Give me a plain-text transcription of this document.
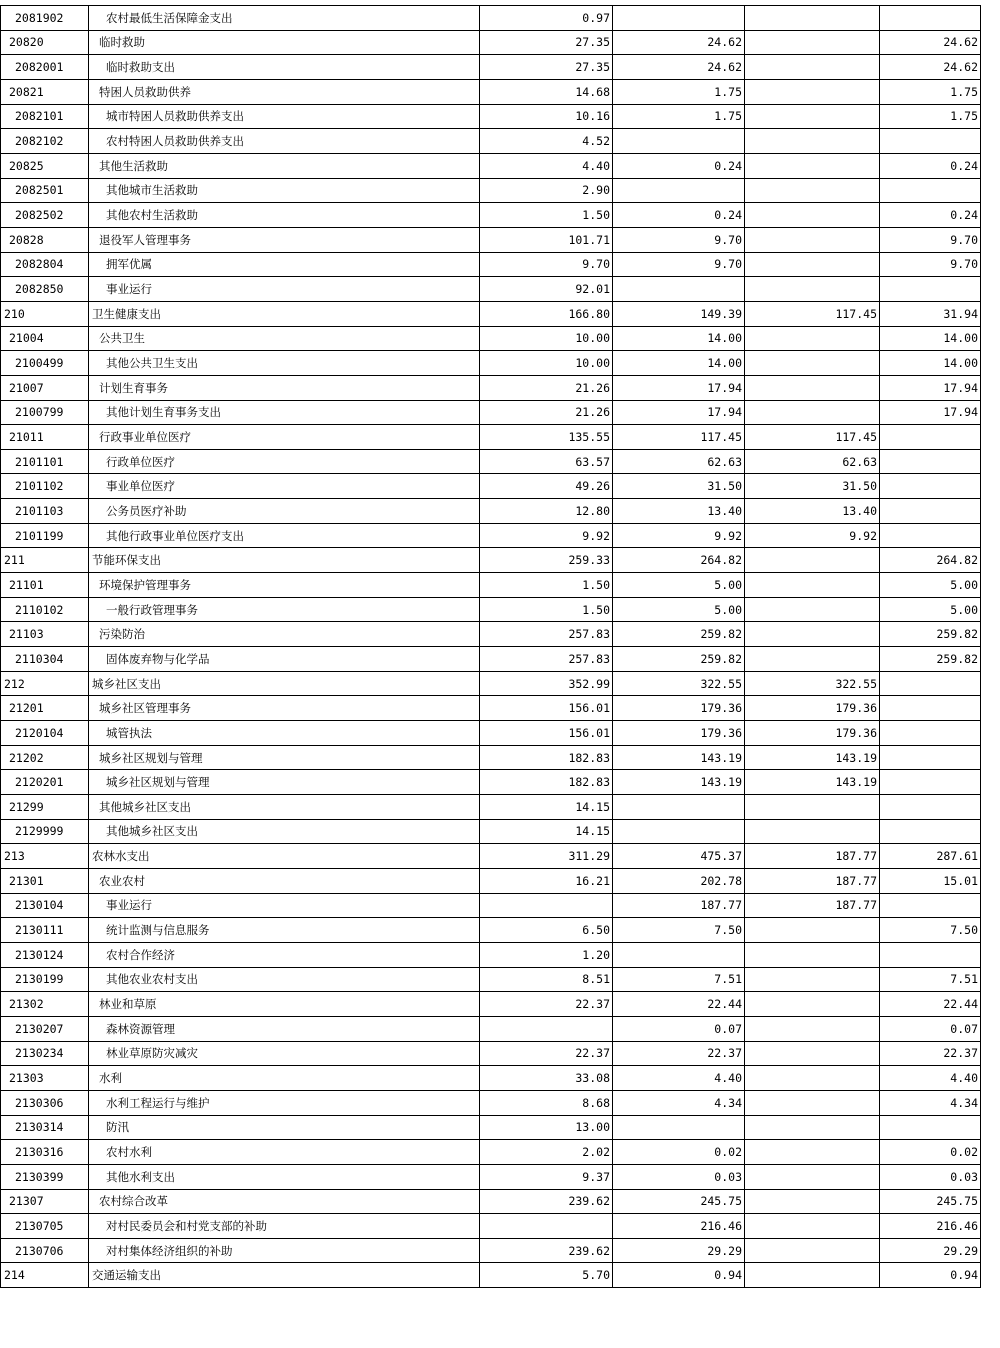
2081902	农村最低生活保障金支出	0.97			
20820	临时救助	27.35	24.62		24.62
2082001	临时救助支出	27.35	24.62		24.62
20821	特困人员救助供养	14.68	1.75		1.75
2082101	城市特困人员救助供养支出	10.16	1.75		1.75
2082102	农村特困人员救助供养支出	4.52			
20825	其他生活救助	4.40	0.24		0.24
2082501	其他城市生活救助	2.90			
2082502	其他农村生活救助	1.50	0.24		0.24
20828	退役军人管理事务	101.71	9.70		9.70
2082804	拥军优属	9.70	9.70		9.70
2082850	事业运行	92.01			
210	卫生健康支出	166.80	149.39	117.45	31.94
21004	公共卫生	10.00	14.00		14.00
2100499	其他公共卫生支出	10.00	14.00		14.00
21007	计划生育事务	21.26	17.94		17.94
2100799	其他计划生育事务支出	21.26	17.94		17.94
21011	行政事业单位医疗	135.55	117.45	117.45	
2101101	行政单位医疗	63.57	62.63	62.63	
2101102	事业单位医疗	49.26	31.50	31.50	
2101103	公务员医疗补助	12.80	13.40	13.40	
2101199	其他行政事业单位医疗支出	9.92	9.92	9.92	
211	节能环保支出	259.33	264.82		264.82
21101	环境保护管理事务	1.50	5.00		5.00
2110102	一般行政管理事务	1.50	5.00		5.00
21103	污染防治	257.83	259.82		259.82
2110304	固体废弃物与化学品	257.83	259.82		259.82
212	城乡社区支出	352.99	322.55	322.55	
21201	城乡社区管理事务	156.01	179.36	179.36	
2120104	城管执法	156.01	179.36	179.36	
21202	城乡社区规划与管理	182.83	143.19	143.19	
2120201	城乡社区规划与管理	182.83	143.19	143.19	
21299	其他城乡社区支出	14.15			
2129999	其他城乡社区支出	14.15			
213	农林水支出	311.29	475.37	187.77	287.61
21301	农业农村	16.21	202.78	187.77	15.01
2130104	事业运行		187.77	187.77	
2130111	统计监测与信息服务	6.50	7.50		7.50
2130124	农村合作经济	1.20			
2130199	其他农业农村支出	8.51	7.51		7.51
21302	林业和草原	22.37	22.44		22.44
2130207	森林资源管理		0.07		0.07
2130234	林业草原防灾减灾	22.37	22.37		22.37
21303	水利	33.08	4.40		4.40
2130306	水利工程运行与维护	8.68	4.34		4.34
2130314	防汛	13.00			
2130316	农村水利	2.02	0.02		0.02
2130399	其他水利支出	9.37	0.03		0.03
21307	农村综合改革	239.62	245.75		245.75
2130705	对村民委员会和村党支部的补助		216.46		216.46
2130706	对村集体经济组织的补助	239.62	29.29		29.29
214	交通运输支出	5.70	0.94		0.94
